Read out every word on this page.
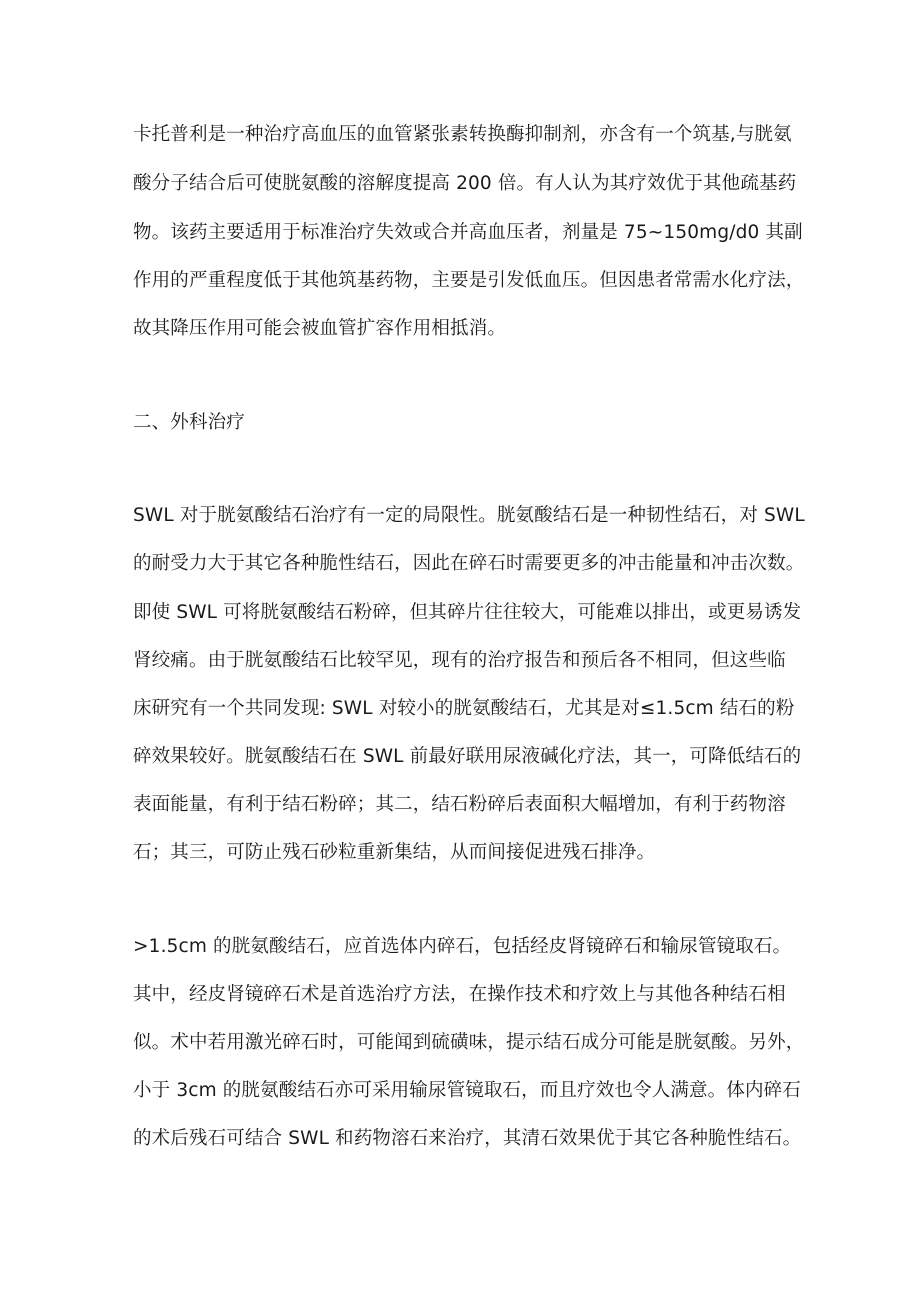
卡托普利是一种治疗高血压的血管紧张素转换酶抑制剂，亦含有一个筑基,与胱氨

酸分子结合后可使胱氨酸的溶解度提高 200 倍。有人认为其疗效优于其他疏基药

物。该药主要适用于标准治疗失效或合并高血压者，剂量是 75~150mg∕d0 其副

作用的严重程度低于其他筑基药物，主要是引发低血压。但因患者常需水化疗法，

故其降压作用可能会被血管扩容作用相抵消。

二、外科治疗

SWL 对于胱氨酸结石治疗有一定的局限性。胱氨酸结石是一种韧性结石，对 SWL

的耐受力大于其它各种脆性结石，因此在碎石时需要更多的冲击能量和冲击次数。

即使 SWL 可将胱氨酸结石粉碎，但其碎片往往较大，可能难以排出，或更易诱发

肾绞痛。由于胱氨酸结石比较罕见，现有的治疗报告和预后各不相同，但这些临

床研究有一个共同发现: SWL 对较小的胱氨酸结石，尤其是对≤1.5cm 结石的粉

碎效果较好。胱氨酸结石在 SWL 前最好联用尿液碱化疗法，其一，可降低结石的

表面能量，有利于结石粉碎；其二，结石粉碎后表面积大幅增加，有利于药物溶

石；其三，可防止残石砂粒重新集结，从而间接促进残石排净。

>1.5cm 的胱氨酸结石，应首选体内碎石，包括经皮肾镜碎石和输尿管镜取石。

其中，经皮肾镜碎石术是首选治疗方法，在操作技术和疗效上与其他各种结石相

似。术中若用激光碎石时，可能闻到硫磺味，提示结石成分可能是胱氨酸。另外，

小于 3cm 的胱氨酸结石亦可采用输尿管镜取石，而且疗效也令人满意。体内碎石

的术后残石可结合 SWL 和药物溶石来治疗，其清石效果优于其它各种脆性结石。
